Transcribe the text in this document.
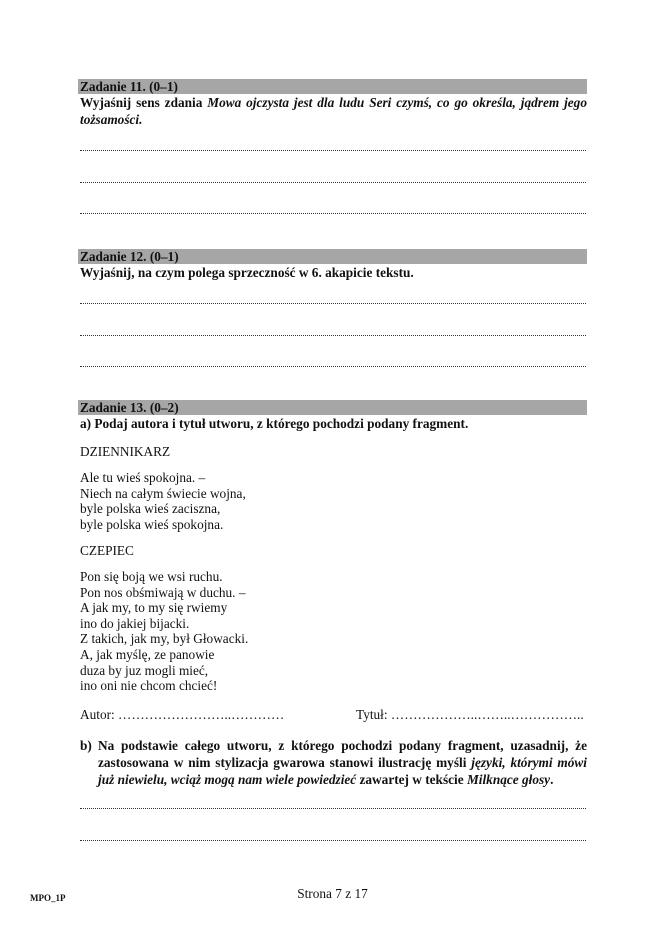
Zadanie 11. (0–1)
Wyjaśnij sens zdania Mowa ojczysta jest dla ludu Seri czymś, co go określa, jądrem jego tożsamości.
Zadanie 12. (0–1)
Wyjaśnij, na czym polega sprzeczność w 6. akapicie tekstu.
Zadanie 13. (0–2)
a) Podaj autora i tytuł utworu, z którego pochodzi podany fragment.
DZIENNIKARZ
Ale tu wieś spokojna. –
Niech na całym świecie wojna,
byle polska wieś zaciszna,
byle polska wieś spokojna.
CZEPIEC
Pon się boją we wsi ruchu.
Pon nos obśmiwają w duchu. –
A jak my, to my się rwiemy
ino do jakiej bijacki.
Z takich, jak my, był Głowacki.
A, jak myślę, ze panowie
duza by juz mogli mieć,
ino oni nie chcom chcieć!
Autor: ……………………..…………	Tytuł: ………………..……..……………..
b) Na podstawie całego utworu, z którego pochodzi podany fragment, uzasadnij, że zastosowana w nim stylizacja gwarowa stanowi ilustrację myśli języki, którymi mówi już niewielu, wciąż mogą nam wiele powiedzieć zawartej w tekście Milknące głosy.
MPO_1P	Strona 7 z 17
